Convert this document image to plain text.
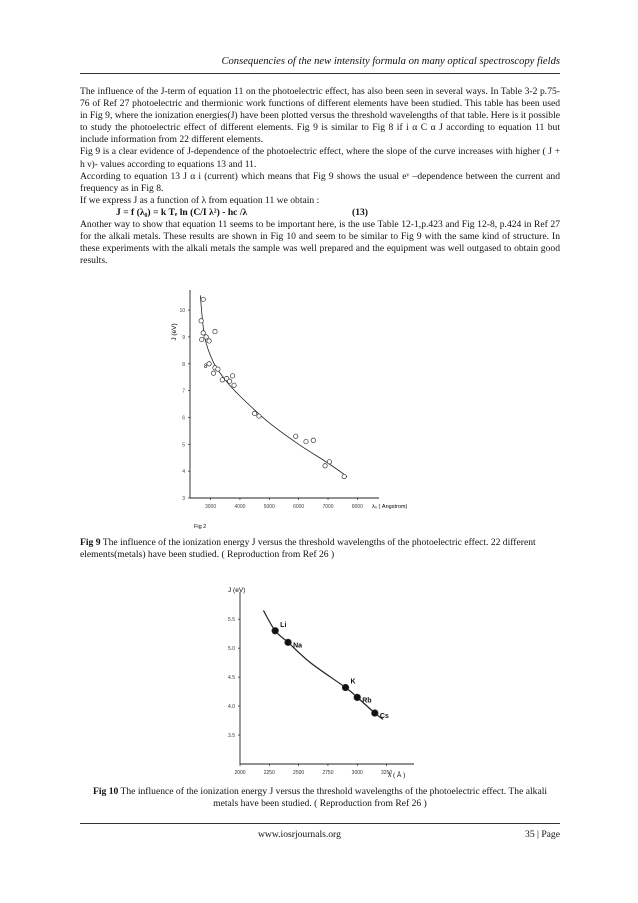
Consequencies of the new intensity formula on many optical spectroscopy fields

The influence of the J-term of equation 11 on the photoelectric effect, has also been seen in several ways. In Table 3-2 p.75-76 of Ref 27 photoelectric and thermionic work functions of different elements have been studied. This table has been used in Fig 9, where the ionization energies(J) have been plotted versus the threshold wavelengths of that table. Here is it possible to study the photoelectric effect of different elements. Fig 9 is similar to Fig 8 if i α C α J according to equation 11 but include information from 22 different elements.

Fig 9 is a clear evidence of J-dependence of the photoelectric effect, where the slope of the curve increases with higher ( J + h ν)- values according to equations 13 and 11.

According to equation 13 J α i (current) which means that Fig 9 shows the usual eᵛ –dependence between the current and frequency as in Fig 8.

If we express J as a function of λ from equation 11 we obtain :

J = f (λ₀) = k Tₑ ln (C/I λ²) - hc /λ	(13)

Another way to show that equation 11 seems to be important here, is the use Table 12-1,p.423 and Fig 12-8, p.424 in Ref 27 for the alkali metals. These results are shown in Fig 10 and seem to be similar to Fig 9 with the same kind of structure. In these experiments with the alkali metals the sample was well prepared and the equipment was well outgased to obtain good results.

3
4
5
6
7
8
9
10
3000	4000	5000	6000	7000	8000
J (eV)
8
λ₀ ( Angstrom)
Fig 2
Fig 9 The influence of the ionization energy J versus the threshold wavelengths of the photoelectric effect. 22 different elements(metals) have been studied. ( Reproduction from Ref 26 )
3.5
4.0
4.5
5.0
5.5
2000	2250	2500	2750	3000	3250
Li
Na
K
Rb
Cs
J (eV)
λ ( Å )
Fig 10 The influence of the ionization energy J versus the threshold wavelengths of the photoelectric effect. The alkali metals have been studied. ( Reproduction from Ref 26 )
www.iosrjournals.org	35 | Page
